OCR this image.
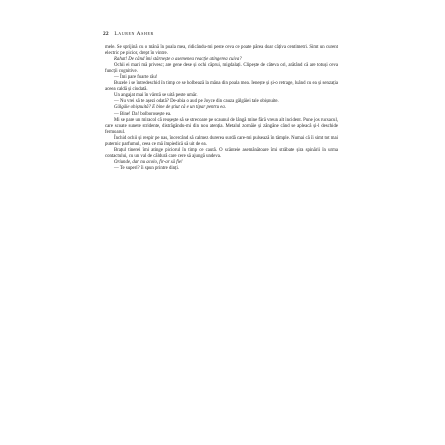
22 Lauren Asher

mele. Se sprijină cu o mână în poala mea, ridicându-mi peste ceva ce poate părea doar câțiva centimetri. Simt un curent electric pe picior, drept în vintre.

Rahat! De când îmi stârnește o asemenea reacție atingerea cuiva?

Ochii ei mari mă privesc; are gene dese și ochi căprui, migdalați. Clipește de câteva ori, arătând că are totuși ceva funcții cognitive.

— Îmi pare foarte rău!

Buzele i se întredeschid în timp ce se holbează la mâna din poala mea. Ienește și și-o retrage, luând cu ea și senzația aceea caldă și ciudată.

Un angajat mai în vârstă se uită peste umăr.

— Nu vrei să te așezi odată? De-abia o aud pe Joyce din cauza gâlgâiei tale obișnuite.

Gâlgâie obișnuită? E bine de știut că e un tipar pentru ea.

— Bine! Da! bolborosește ea.

Mi se pare un miracol că reușește să se strecoare pe scaunul de lângă mine fără vreun alt incident. Pune jos rucsacul, care scoate sunete stridente, distrăgându-mi din nou atenția. Metalul zornăie și zăngăne când se apleacă și-l deschide fermoarul.

Închid ochii și respir pe nas, încercând să calmez durerea surdă care-mi pulsează în tâmple. Numai că îi simt tot mai puternic parfumul, ceea ce mă împiedică să uit de ea.

Brațul tinerei îmi atinge piciorul în timp ce caută. O scânteie asemănătoare îmi străbate șira spinării în urma contactului, cu un val de căldură care cere să ajungă undeva.

Oriunde, dar nu acolo, fir-ar să fie!

— Te superi? îi spun printre dinți.
